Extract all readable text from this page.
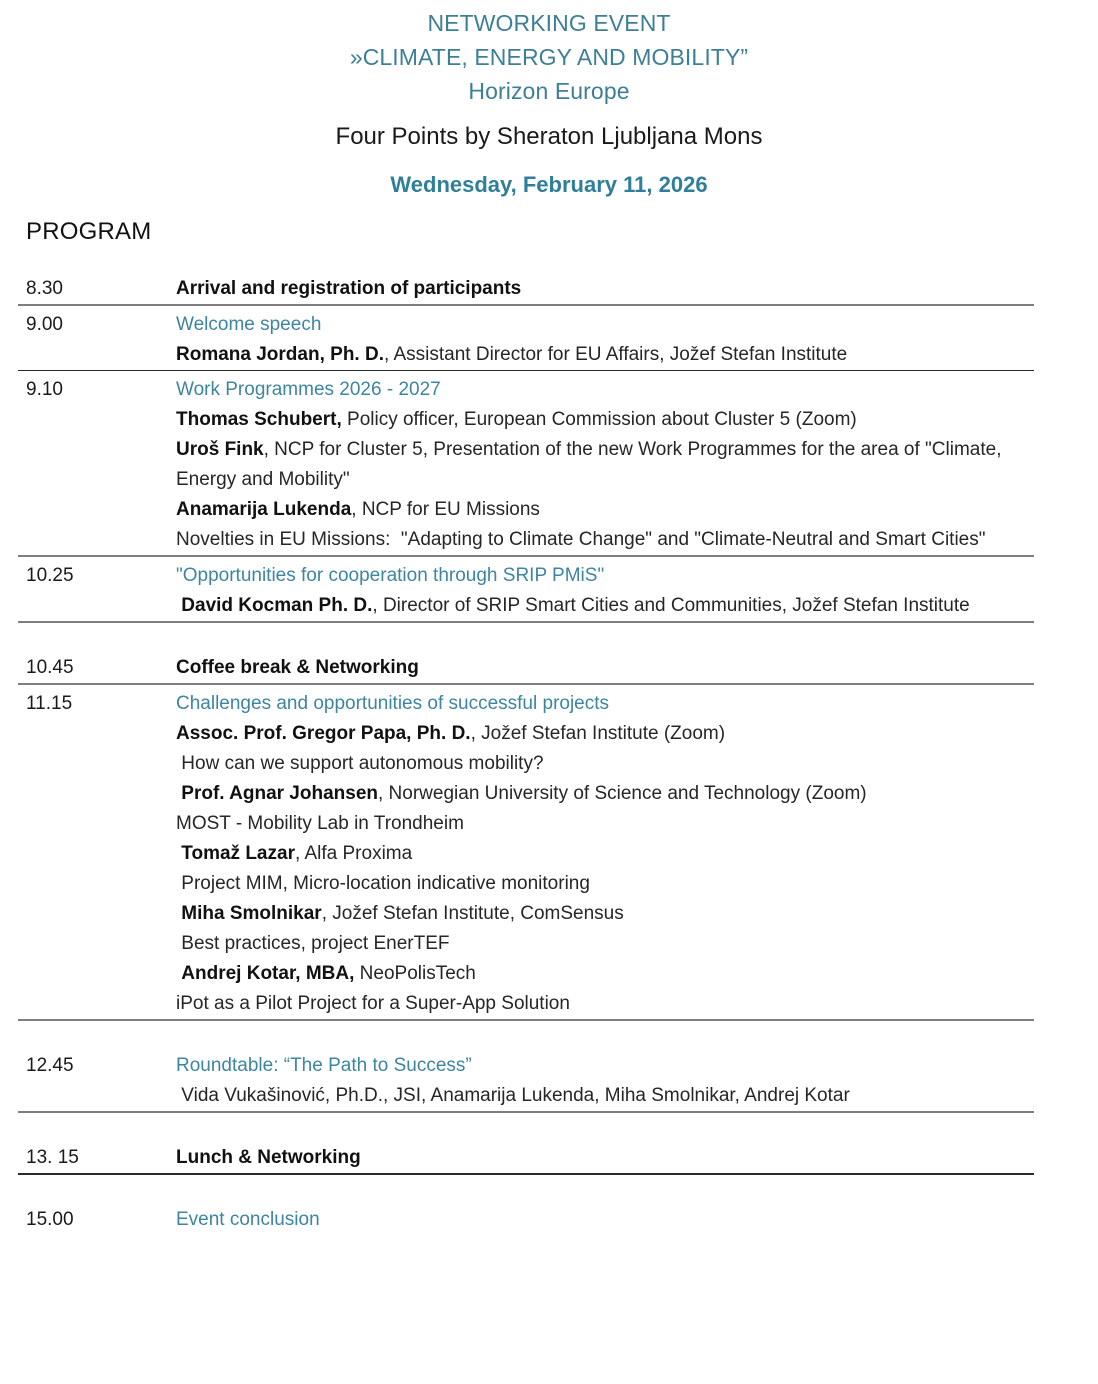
NETWORKING EVENT
»CLIMATE, ENERGY AND MOBILITY”
Horizon Europe
Four Points by Sheraton Ljubljana Mons
Wednesday, February 11, 2026
PROGRAM
8.30	Arrival and registration of participants

9.00	Welcome speech
Romana Jordan, Ph. D., Assistant Director for EU Affairs, Jožef Stefan Institute

9.10	Work Programmes 2026 - 2027
Thomas Schubert, Policy officer, European Commission about Cluster 5 (Zoom)
Uroš Fink, NCP for Cluster 5, Presentation of the new Work Programmes for the area of "Climate, Energy and Mobility"
Anamarija Lukenda, NCP for EU Missions
Novelties in EU Missions:  "Adapting to Climate Change" and "Climate-Neutral and Smart Cities"

10.25	"Opportunities for cooperation through SRIP PMiS"
David Kocman Ph. D., Director of SRIP Smart Cities and Communities, Jožef Stefan Institute

10.45	Coffee break & Networking

11.15	Challenges and opportunities of successful projects
Assoc. Prof. Gregor Papa, Ph. D., Jožef Stefan Institute (Zoom)
How can we support autonomous mobility?
Prof. Agnar Johansen, Norwegian University of Science and Technology (Zoom)
MOST - Mobility Lab in Trondheim
Tomaž Lazar, Alfa Proxima
Project MIM, Micro-location indicative monitoring
Miha Smolnikar, Jožef Stefan Institute, ComSensus
Best practices, project EnerTEF
Andrej Kotar, MBA, NeoPolisTech
iPot as a Pilot Project for a Super-App Solution

12.45	Roundtable: “The Path to Success”
Vida Vukašinović, Ph.D., JSI, Anamarija Lukenda, Miha Smolnikar, Andrej Kotar

13. 15	Lunch & Networking

15.00	Event conclusion
